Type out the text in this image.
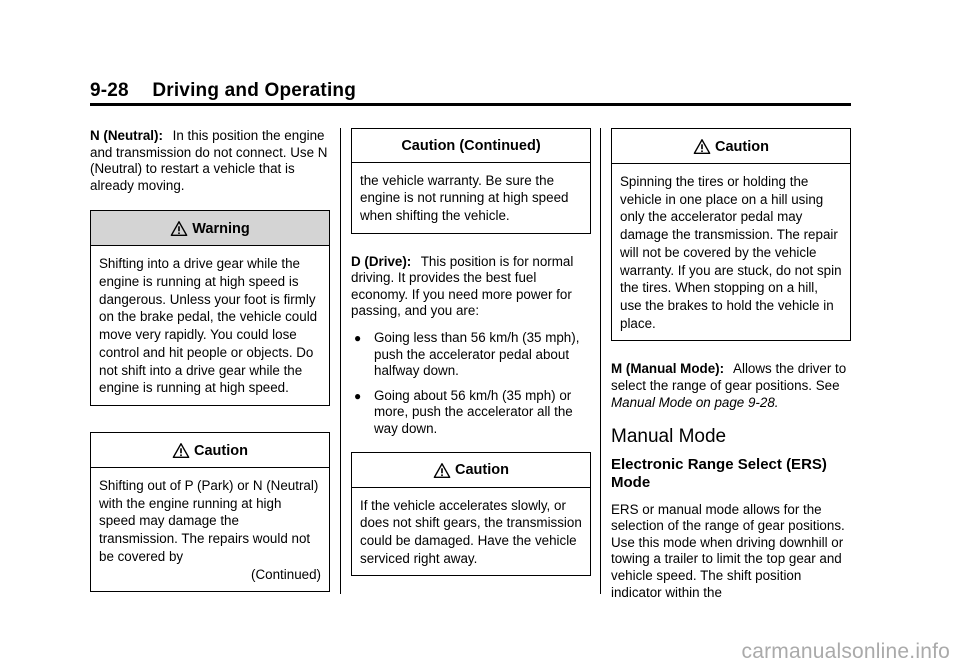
9-28 Driving and Operating

N (Neutral): In this position the engine and transmission do not connect. Use N (Neutral) to restart a vehicle that is already moving.

Warning
Shifting into a drive gear while the engine is running at high speed is dangerous. Unless your foot is firmly on the brake pedal, the vehicle could move very rapidly. You could lose control and hit people or objects. Do not shift into a drive gear while the engine is running at high speed.
Caution
Shifting out of P (Park) or N (Neutral) with the engine running at high speed may damage the transmission. The repairs would not be covered by
(Continued)
Caution (Continued)
the vehicle warranty. Be sure the engine is not running at high speed when shifting the vehicle.

D (Drive): This position is for normal driving. It provides the best fuel economy. If you need more power for passing, and you are:

● Going less than 56 km/h (35 mph), push the accelerator pedal about halfway down.
● Going about 56 km/h (35 mph) or more, push the accelerator all the way down.
Caution
If the vehicle accelerates slowly, or does not shift gears, the transmission could be damaged. Have the vehicle serviced right away.
Caution
Spinning the tires or holding the vehicle in one place on a hill using only the accelerator pedal may damage the transmission. The repair will not be covered by the vehicle warranty. If you are stuck, do not spin the tires. When stopping on a hill, use the brakes to hold the vehicle in place.

M (Manual Mode): Allows the driver to select the range of gear positions. See Manual Mode on page 9-28.

Manual Mode
Electronic Range Select (ERS) Mode

ERS or manual mode allows for the selection of the range of gear positions. Use this mode when driving downhill or towing a trailer to limit the top gear and vehicle speed. The shift position indicator within the

carmanualsonline.info
